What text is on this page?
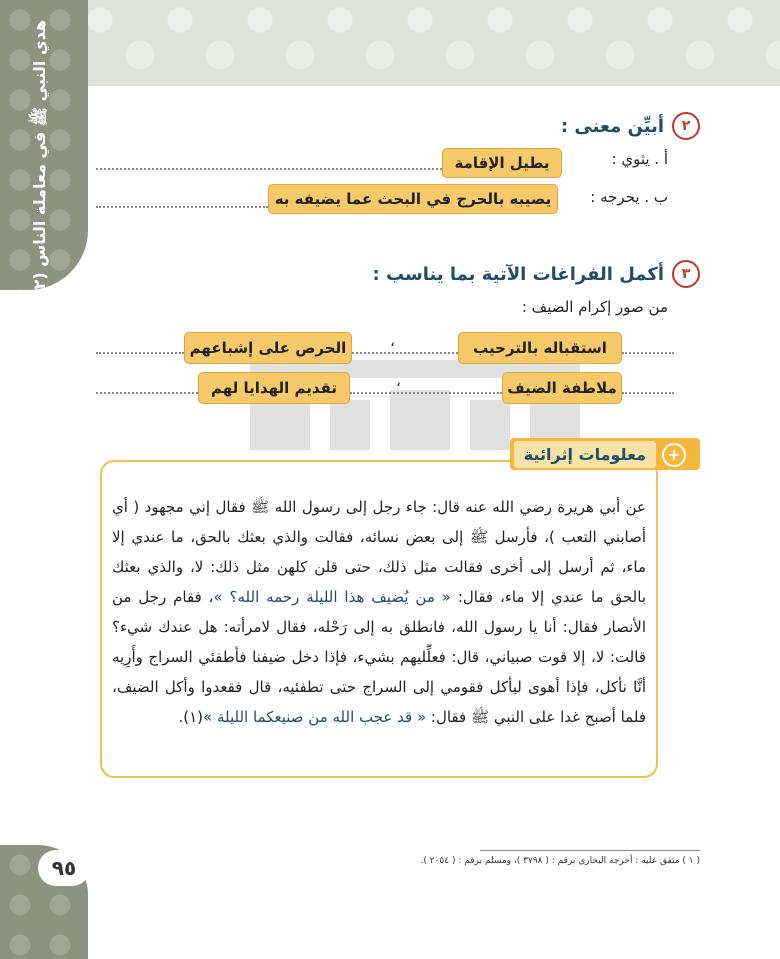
هدي النبي ﷺ في معاملة الناس (٢)
٩٥
٢
أبيِّن معنى :
أ . يثوي :
يطيل الإقامة
ب . يحرجه :
يصيبه بالحرج في البحث عما يضيفه به
٣
أكمل الفراغات الآتية بما يناسب :
من صور إكرام الضيف :
استقباله بالترحيب
،
الحرص على إشباعهم
ملاطفة الضيف
،
تقديم الهدايا لهم
معلومات إثرائية	+
عن أبي هريرة رضي الله عنه قال: جاء رجل إلى رسول الله ﷺ فقال إني مجهود ( أي أصابني التعب )، فأرسل ﷺ إلى بعض نسائه، فقالت والذي بعثك بالحق، ما عندي إلا ماء، ثم أرسل إلى أخرى فقالت مثل ذلك، حتى قلن كلهن مثل ذلك: لا، والذي بعثك بالحق ما عندي إلا ماء، فقال: « من يُضيف هذا الليلة رحمه الله؟ »، فقام رجل من الأنصار فقال: أنا يا رسول الله، فانطلق به إلى رَحْله، فقال لامرأته: هل عندك شيء؟ قالت: لا، إلا قوت صبياني، قال: فعلِّليهم بشيء، فإذا دخل ضيفنا فأطفئي السراج وأَرِيه أنَّا نأكل، فإذا أهوى ليأكل فقومي إلى السراج حتى تطفئيه، قال فقعدوا وأكل الضيف، فلما أصبح غدا على النبي ﷺ فقال: « قد عجب الله من صنيعكما الليلة »(١).
( ١ ) متفق عليه : أخرجه البخاري برقم : ( ٣٧٩٨ )، ومسلم برقم : ( ٢٠٥٤ ).
